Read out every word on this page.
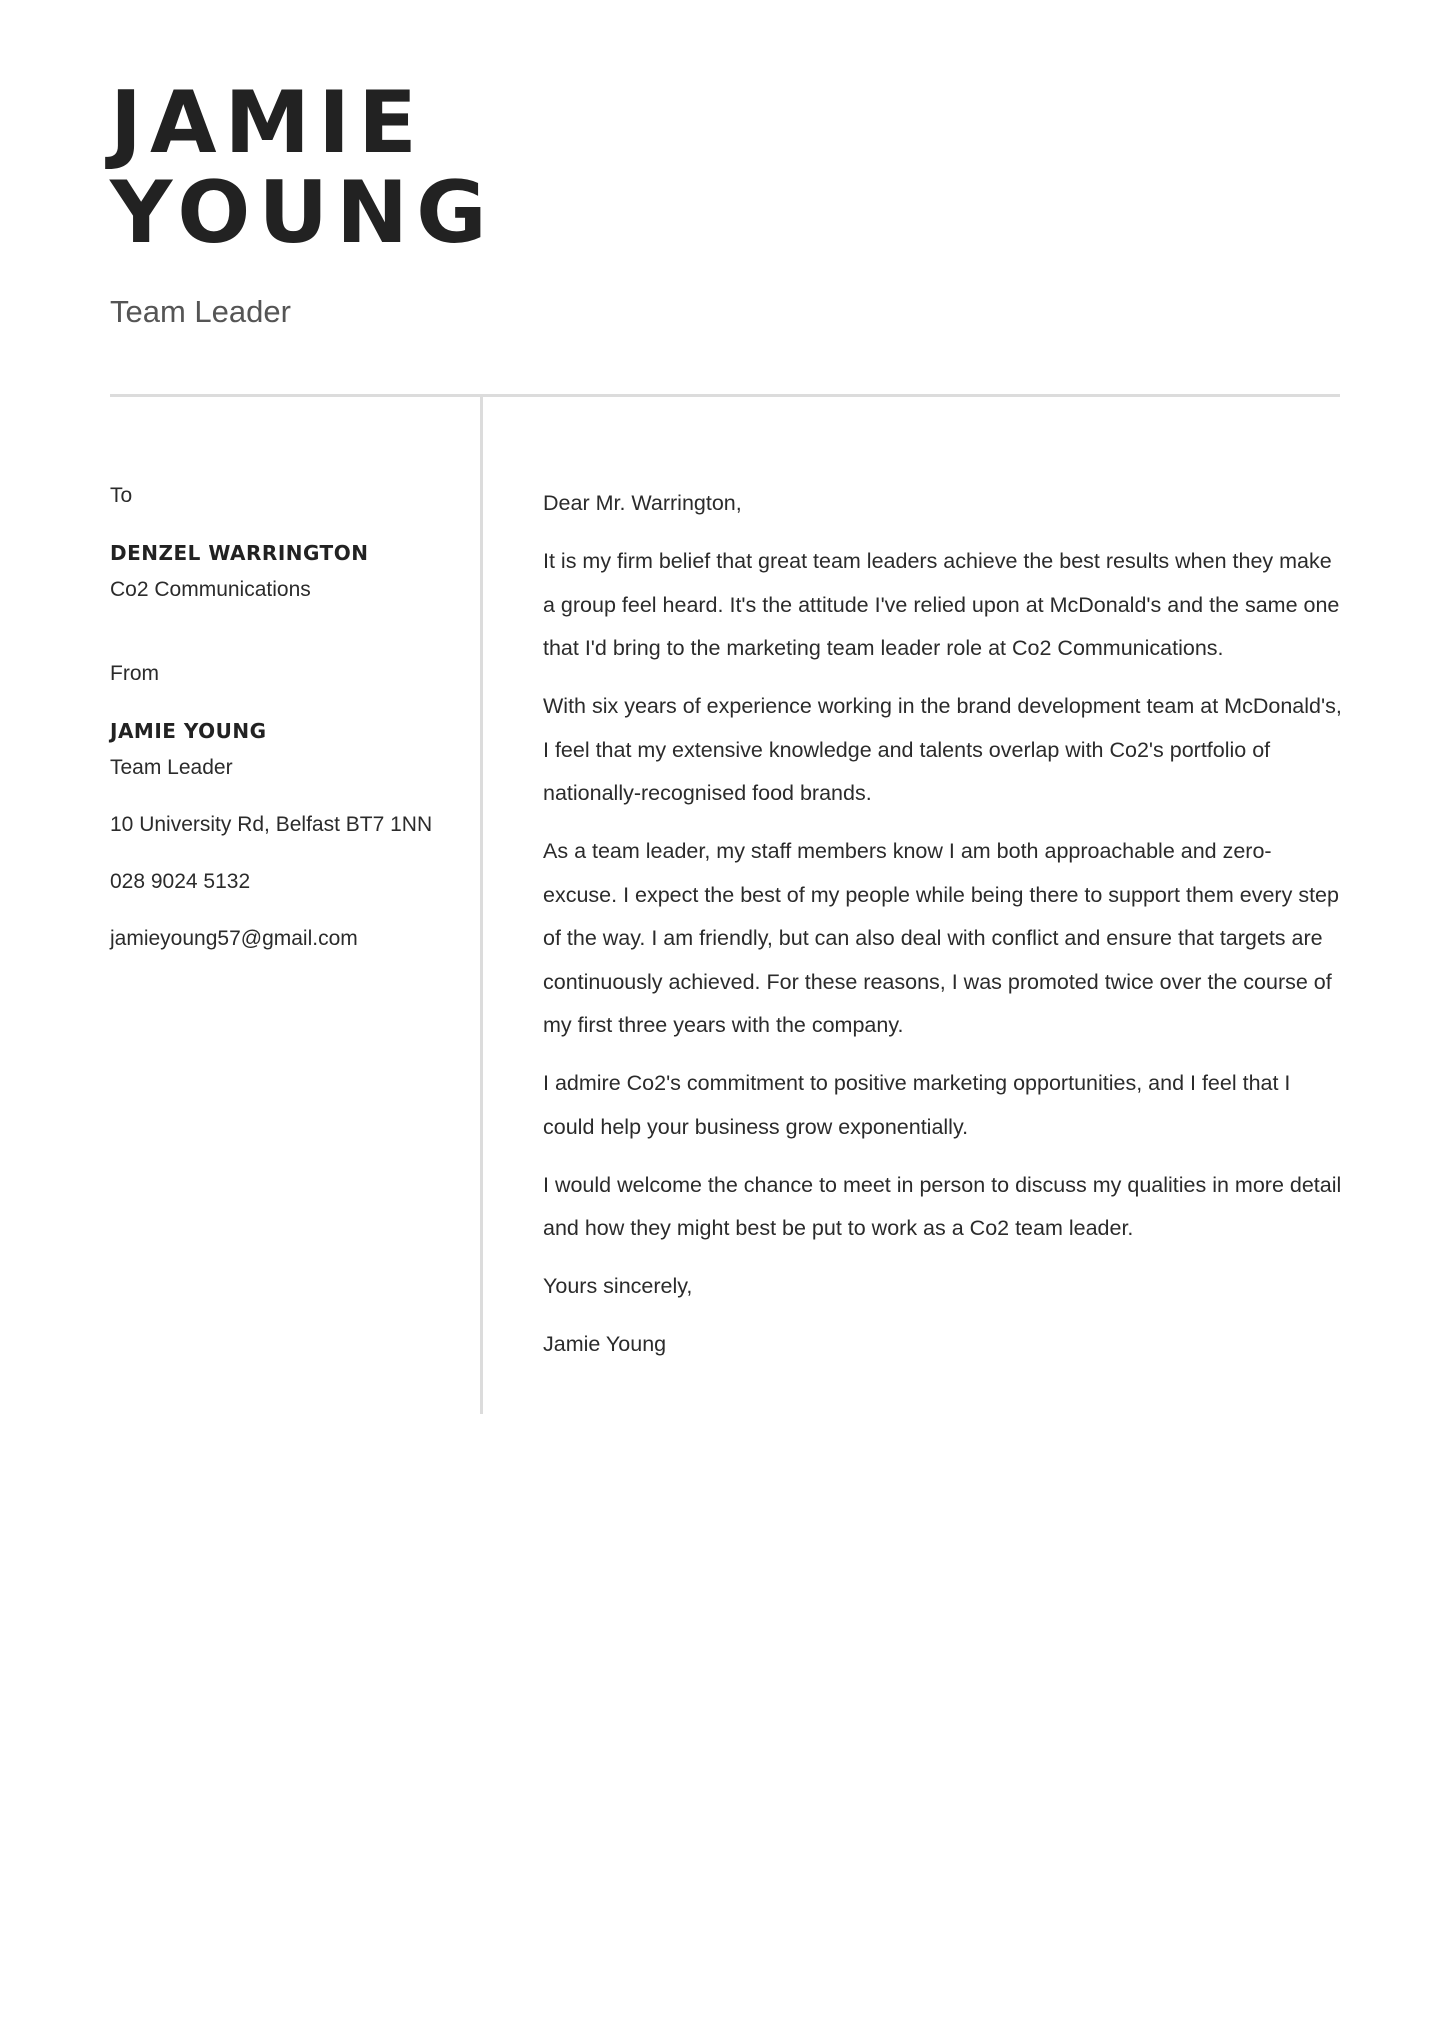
JAMIE
YOUNG
Team Leader
To
DENZEL WARRINGTON
Co2 Communications
From
JAMIE YOUNG
Team Leader
10 University Rd, Belfast BT7 1NN
028 9024 5132
jamieyoung57@gmail.com

Dear Mr. Warrington,

It is my firm belief that great team leaders achieve the best results when they make a group feel heard. It's the attitude I've relied upon at McDonald's and the same one that I'd bring to the marketing team leader role at Co2 Communications.

With six years of experience working in the brand development team at McDonald's, I feel that my extensive knowledge and talents overlap with Co2's portfolio of nationally-recognised food brands.

As a team leader, my staff members know I am both approachable and zero-excuse. I expect the best of my people while being there to support them every step of the way. I am friendly, but can also deal with conflict and ensure that targets are continuously achieved. For these reasons, I was promoted twice over the course of my first three years with the company.

I admire Co2's commitment to positive marketing opportunities, and I feel that I could help your business grow exponentially.

I would welcome the chance to meet in person to discuss my qualities in more detail and how they might best be put to work as a Co2 team leader.

Yours sincerely,

Jamie Young
